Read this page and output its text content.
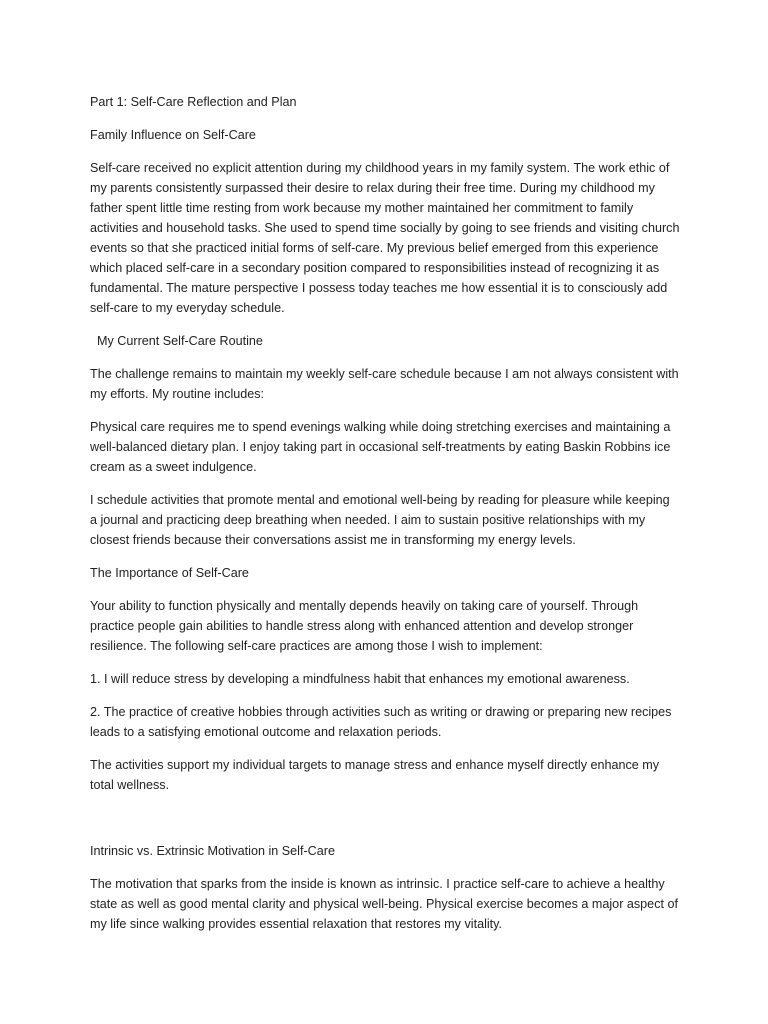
Part 1: Self-Care Reflection and Plan

Family Influence on Self-Care

Self-care received no explicit attention during my childhood years in my family system. The work ethic of my parents consistently surpassed their desire to relax during their free time. During my childhood my father spent little time resting from work because my mother maintained her commitment to family activities and household tasks. She used to spend time socially by going to see friends and visiting church events so that she practiced initial forms of self-care. My previous belief emerged from this experience which placed self-care in a secondary position compared to responsibilities instead of recognizing it as fundamental. The mature perspective I possess today teaches me how essential it is to consciously add self-care to my everyday schedule.

My Current Self-Care Routine

The challenge remains to maintain my weekly self-care schedule because I am not always consistent with my efforts. My routine includes:

Physical care requires me to spend evenings walking while doing stretching exercises and maintaining a well-balanced dietary plan. I enjoy taking part in occasional self-treatments by eating Baskin Robbins ice cream as a sweet indulgence.

I schedule activities that promote mental and emotional well-being by reading for pleasure while keeping a journal and practicing deep breathing when needed. I aim to sustain positive relationships with my closest friends because their conversations assist me in transforming my energy levels.

The Importance of Self-Care

Your ability to function physically and mentally depends heavily on taking care of yourself. Through practice people gain abilities to handle stress along with enhanced attention and develop stronger resilience. The following self-care practices are among those I wish to implement:

1. I will reduce stress by developing a mindfulness habit that enhances my emotional awareness.

2. The practice of creative hobbies through activities such as writing or drawing or preparing new recipes leads to a satisfying emotional outcome and relaxation periods.

The activities support my individual targets to manage stress and enhance myself directly enhance my total wellness.

Intrinsic vs. Extrinsic Motivation in Self-Care

The motivation that sparks from the inside is known as intrinsic. I practice self-care to achieve a healthy state as well as good mental clarity and physical well-being. Physical exercise becomes a major aspect of my life since walking provides essential relaxation that restores my vitality.
